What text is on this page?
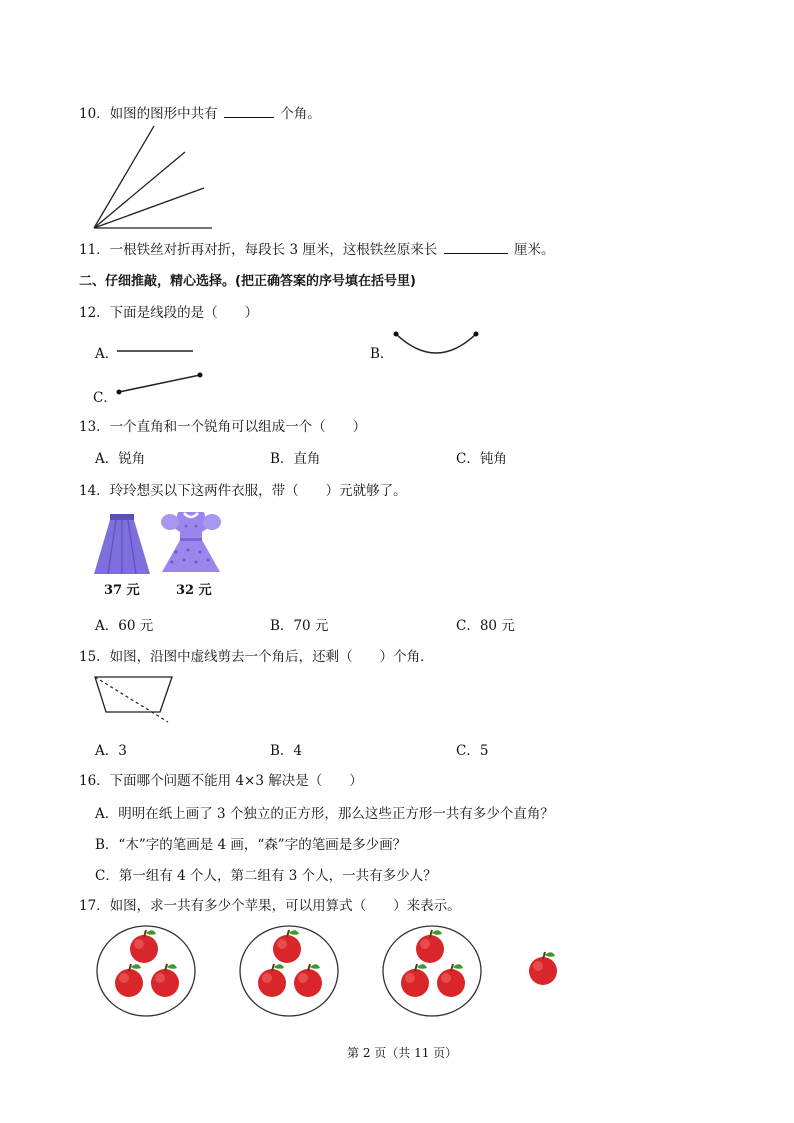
10．如图的图形中共有	个角。
11．一根铁丝对折再对折，每段长 3 厘米，这根铁丝原来长	厘米。
二、仔细推敲，精心选择。(把正确答案的序号填在括号里)
12．下面是线段的是（　　）
A．	B．
C．
13．一个直角和一个锐角可以组成一个（　　）
A．锐角	B．直角	C．钝角
14．玲玲想买以下这两件衣服，带（　　）元就够了。
37 元	32 元
A．60 元	B．70 元	C．80 元
15．如图，沿图中虚线剪去一个角后，还剩（　　）个角．
A．3	B．4	C．5
16．下面哪个问题不能用 4×3 解决是（　　）
A．明明在纸上画了 3 个独立的正方形，那么这些正方形一共有多少个直角？
B．“木”字的笔画是 4 画，“森”字的笔画是多少画？
C．第一组有 4 个人，第二组有 3 个人，一共有多少人？
17．如图，求一共有多少个苹果，可以用算式（　　）来表示。
第 2 页（共 11 页）
